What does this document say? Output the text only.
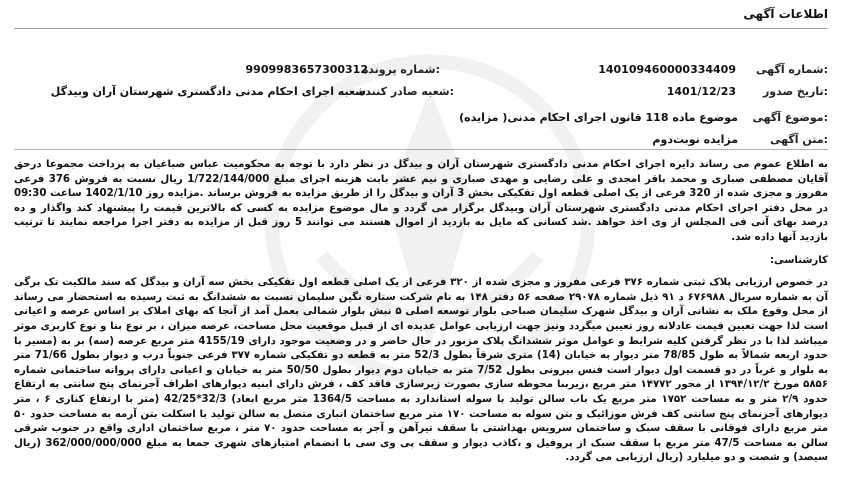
اطلاعات آگهی
شماره آگهی:
140109460000334409
شماره پرونده:
9909983657300312
تاریخ صدور:
1401/12/23
شعبه صادر کننده:
شعبه اجرای احکام مدنی دادگستری شهرستان آران وبیدگل
موضوع آگهی:
موضوع ماده 118 قانون اجرای احکام مدنی( مزایده)
متن آگهی:
مزایده نوبت‌دوم

به اطلاع عموم می رساند دایره اجرای احکام مدنی دادگستری شهرستان آران و بیدگل در نظر دارد با توجه به محکومیت عباس صباغیان به پرداخت مجموعا درحق آقایان مصطفی صباری و محمد باقر امجدی و علی رضایی و مهدی صباری و نیم عشر بابت هزینه اجرای مبلغ 1/722/144/000 ریال نسبت به فروش 376 فرعی مفروز و مجزی شده از 320 فرعی از یک اصلی قطعه اول تفکیکی بخش 3 آران و بیدگل را از طریق مزایده به فروش برساند .مزایده روز 1402/1/10 ساعت 09:30 در محل دفتر اجرای احکام مدنی دادگستری شهرستان آران وبیدگل برگزار می گردد و مال موضوع مزایده به کسی که بالاترین قیمت را پیشنهاد کند واگذار و ده درصد بهای آنی فی المجلس از وی اخذ خواهد .شد کسانی که مایل به بازدید از اموال هستند می توانند 5 روز قبل از مزایده به دفتر اجرا مراجعه نمایند تا ترتیب بازدید آنها داده شد.

کارشناسی:

در خصوص ارزیابی پلاک ثبتی شماره ۳۷۶ فرعی مفروز و مجزی شده از ۳۲۰ فرعی از یک اصلی قطعه اول تفکیکی بخش سه آران و بیدگل که سند مالکیت تک برگی آن به شماره سریال ۶۷۶۹۸۸ د ۹۱ ذیل شماره ۲۹۰۷۸ صفحه ۵۶ دفتر ۱۴۸ به نام شرکت ستاره نگین سلیمان نسبت به ششدانگ به ثبت رسیده به استحضار می رساند از محل وقوع ملک به نشانی آران و بیدگل شهرک سلیمان صباحی بلوار توسعه اصلی ۵ نبش بلوار شمالی بعمل آمد از آنجا که بهای املاک بر اساس عرصه و اعیانی است لذا جهت تعیین قیمت عادلانه روز تعیین میگردد ونیز جهت ارزیابی عوامل عدیده ای از قبیل موقعیت محل مساحت، عرصه میزان ، بر نوع بنا و نوع کاربری موثر میباشد لذا با در نظر گرفتن کلیه شرایط و عوامل موثر ششدانگ پلاک مزبور در حال حاضر و در وضعیت موجود دارای 4155/19 متر مربع عرصه (سه) بر به (مسیر با حدود اربعه شمالاً به طول 78/85 متر دیوار به خیابان (14) متری شرقاً بطول 52/3 متر به قطعه دو تفکیکی شماره ۳۷۷ فرعی جنوباً درب و دیوار بطول 71/66 متر به بلوار و غرباً در دو قسمت اول دیوار است فنس بیرونی بطول 7/52 متر به خیابان دوم دیوار بطول 50/50 متر به خیابان و اعیانی دارای پروانه ساختمانی شماره ۵۸۵۶ مورخ ۱۳۹۴/۱۲/۲ از محور ۱۴۷۷۲ متر مربع ،زیربنا محوطه سازی بصورت زیرسازی فاقد کف ، فرش دارای ابنیه دیوارهای اطراف آجرنمای پنج سانتی به ارتفاع حدود ۲/۹ متر و به مساحت ۱۷۵۲ متر مربع یک باب سالن تولید با سوله استاندارد به مساحت 1364/5 متر مربع ابعاد) 32/3*42/25 (متر با ارتفاع کناری ۶ ، متر دیوارهای آجرنمای پنج سانتی کف فرش موزائیک و بتن سوله به مساحت ۱۷۰ متر مربع ساختمان انباری متصل به سالن تولید با اسکلت بتن آرمه به مساحت حدود ۵۰ متر مربع دارای فوقانی با سقف سبک و ساختمان سرویس بهداشتی با سقف تیرآهن و آجر به مساحت حدود ۷۰ متر ، مربع ساختمان اداری واقع در جنوب شرقی سالن به مساحت 47/5 متر مربع با سقف سبک از پروفیل و ،کاذب دیوار و سقف پی وی سی با انضمام امتیازهای شهری جمعا به مبلغ 362/000/000/000 (ریال سیصد) و شصت و دو میلیارد (ریال ارزیابی می گردد.
